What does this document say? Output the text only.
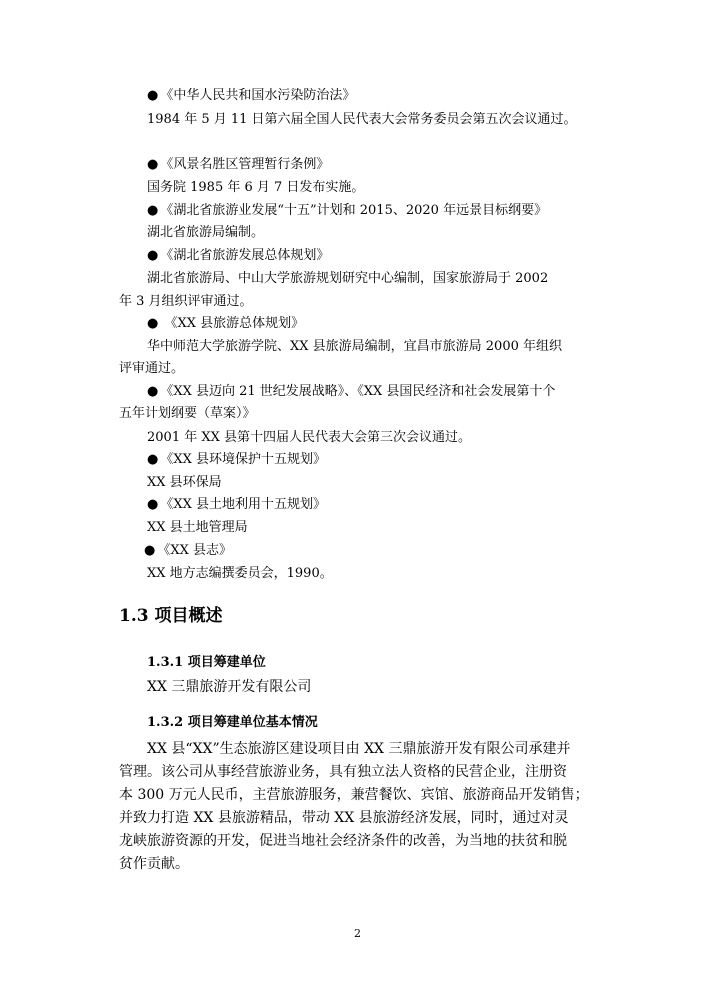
● 《中华人民共和国水污染防治法》
1984 年 5 月 11 日第六届全国人民代表大会常务委员会第五次会议通过。
● 《风景名胜区管理暂行条例》
国务院 1985 年 6 月 7 日发布实施。
● 《湖北省旅游业发展“十五”计划和 2015、2020 年远景目标纲要》
湖北省旅游局编制。
● 《湖北省旅游发展总体规划》
湖北省旅游局、中山大学旅游规划研究中心编制，国家旅游局于 2002
年 3 月组织评审通过。
● 《XX 县旅游总体规划》
华中师范大学旅游学院、XX 县旅游局编制，宜昌市旅游局 2000 年组织
评审通过。
● 《XX 县迈向 21 世纪发展战略》、《XX 县国民经济和社会发展第十个
五年计划纲要（草案）》
2001 年 XX 县第十四届人民代表大会第三次会议通过。
● 《XX 县环境保护十五规划》
XX 县环保局
● 《XX 县土地利用十五规划》
XX 县土地管理局
● 《XX 县志》
XX 地方志编撰委员会，1990。
1.3 项目概述
1.3.1 项目筹建单位
XX 三鼎旅游开发有限公司
1.3.2 项目筹建单位基本情况
XX 县“XX”生态旅游区建设项目由 XX 三鼎旅游开发有限公司承建并
管理。该公司从事经营旅游业务，具有独立法人资格的民营企业，注册资
本 300 万元人民币，主营旅游服务，兼营餐饮、宾馆、旅游商品开发销售；
并致力打造 XX 县旅游精品，带动 XX 县旅游经济发展，同时，通过对灵
龙峡旅游资源的开发，促进当地社会经济条件的改善，为当地的扶贫和脱
贫作贡献。
2
